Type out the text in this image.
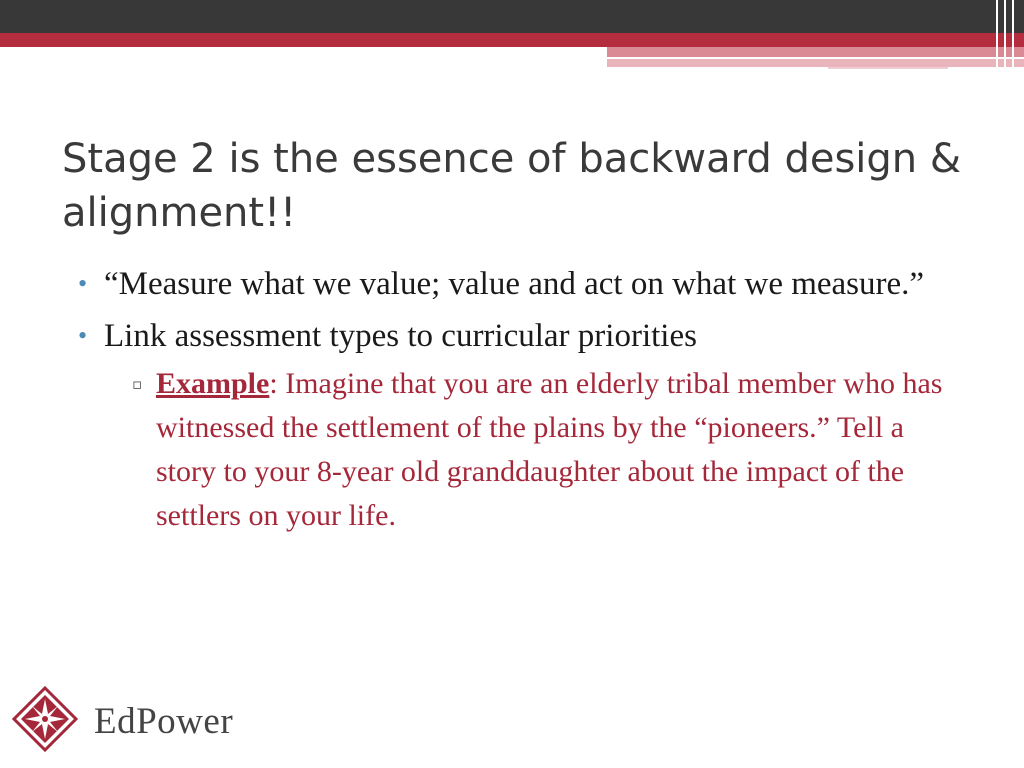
Stage 2 is the essence of backward design & alignment!!
• “Measure what we value; value and act on what we measure.”
• Link assessment types to curricular priorities
▫ Example: Imagine that you are an elderly tribal member who has witnessed the settlement of the plains by the “pioneers.” Tell a story to your 8-year old granddaughter about the impact of the settlers on your life.
EdPower
